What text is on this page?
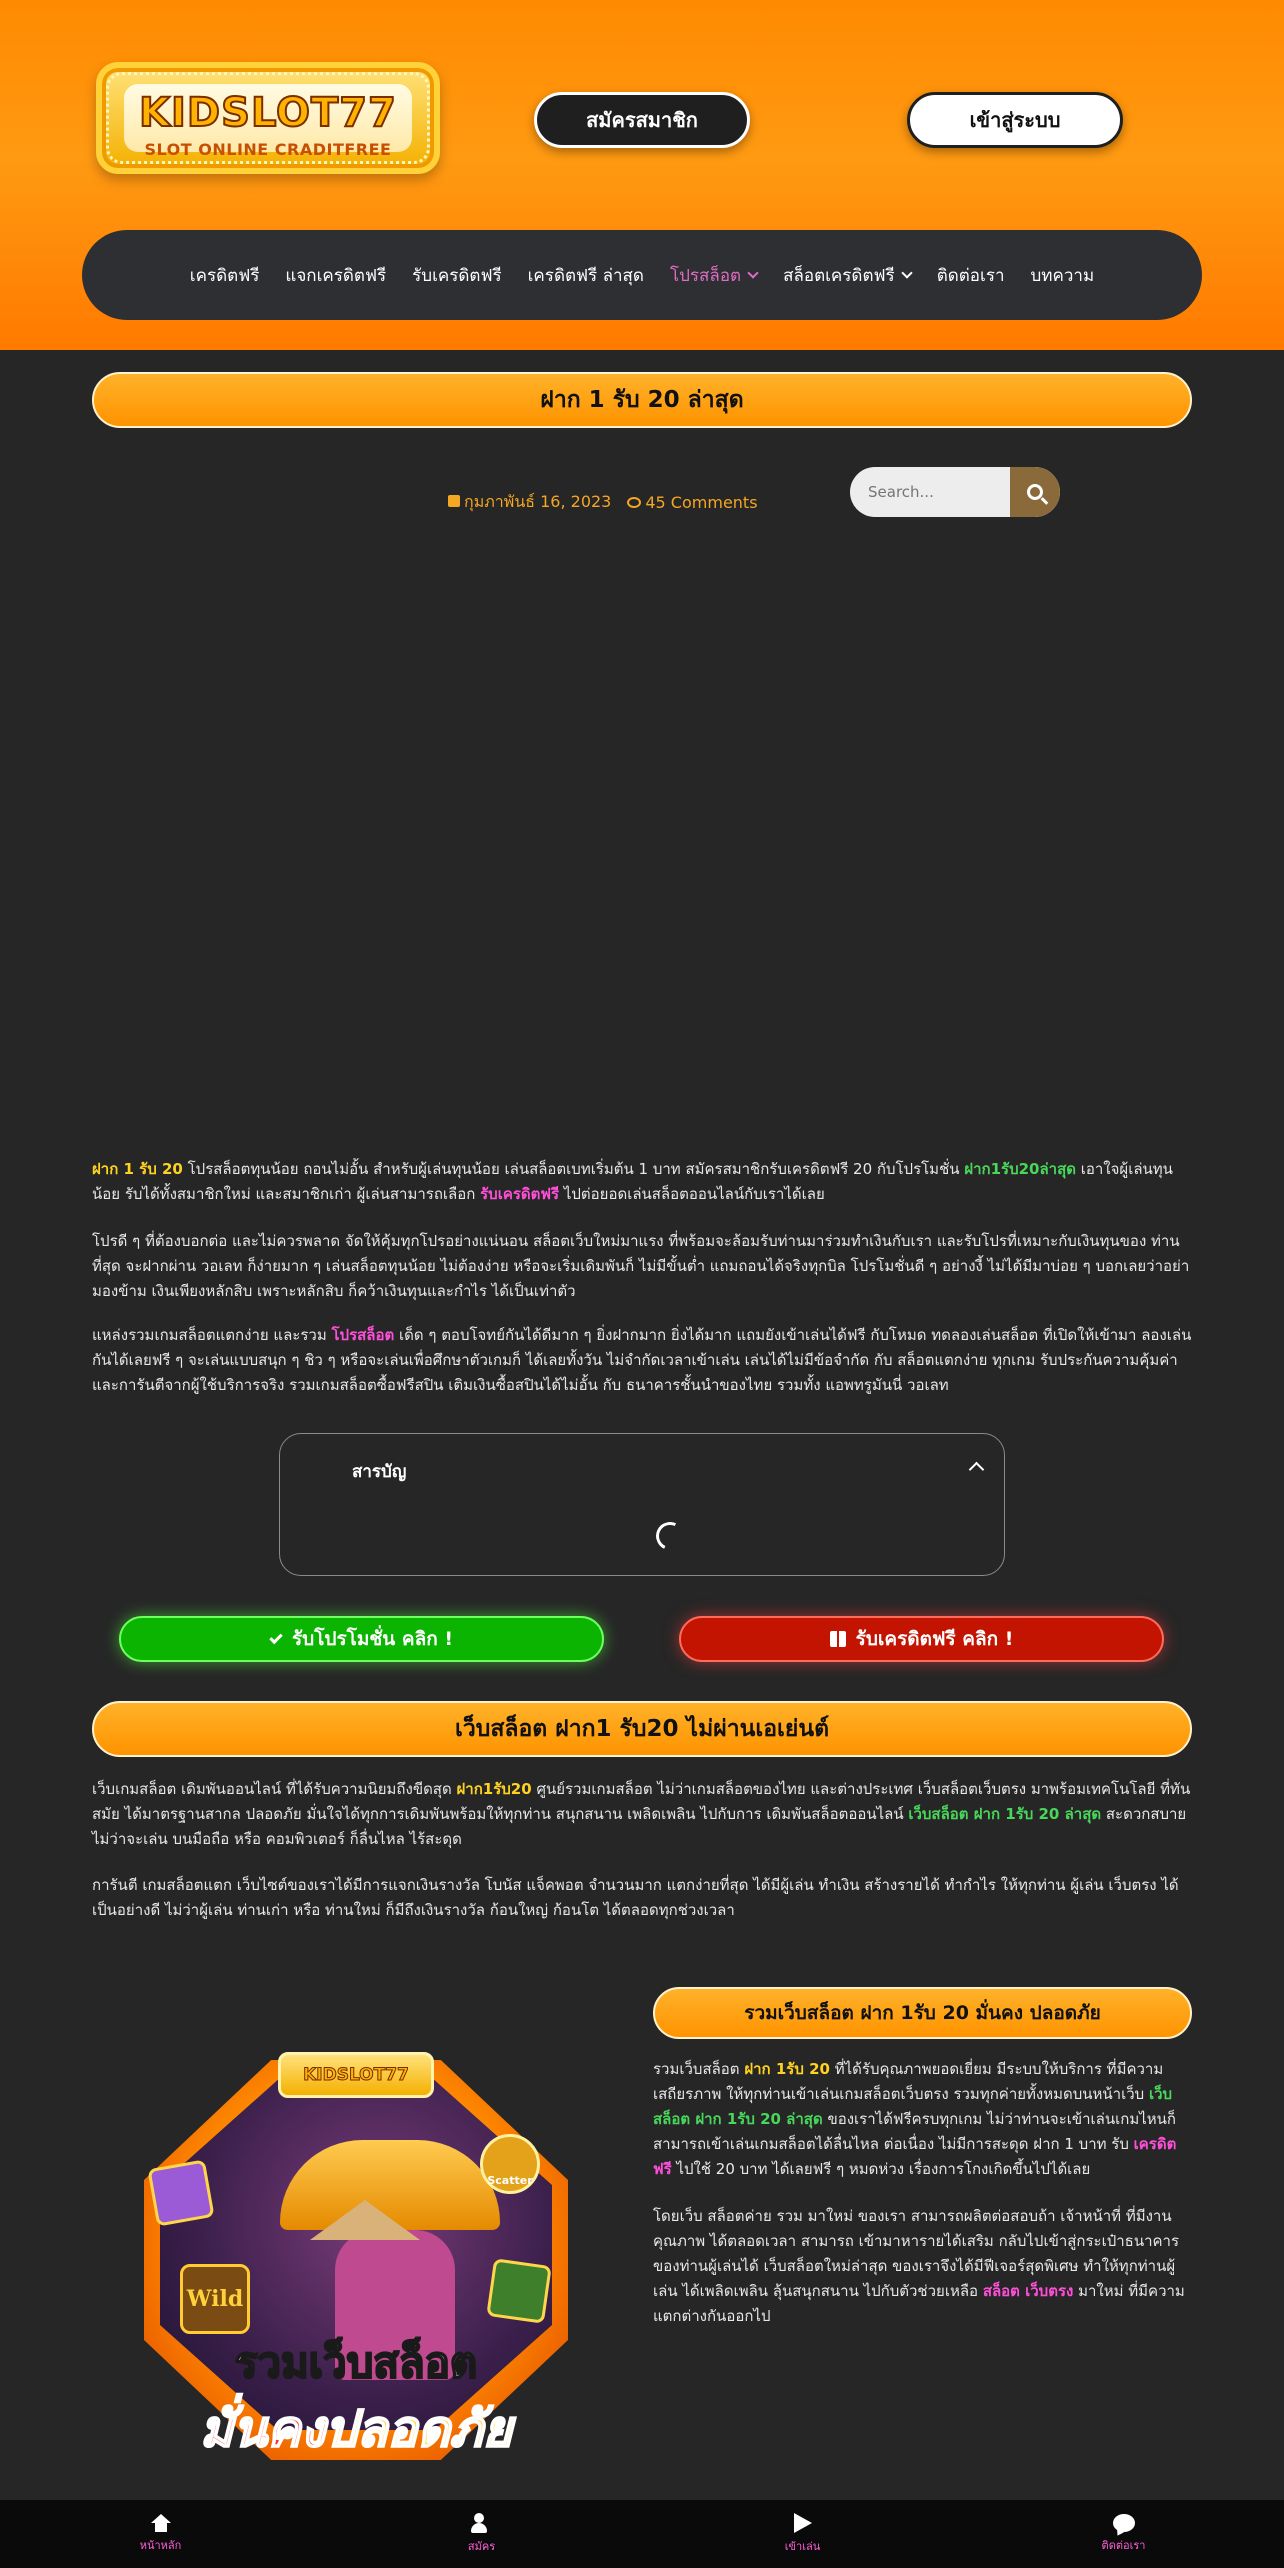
KIDSLOT77
SLOT ONLINE CRADITFREE
สมัครสมาชิก	เข้าสู่ระบบ
เครดิตฟรี แจกเครดิตฟรี รับเครดิตฟรี เครดิตฟรี ล่าสุด โปรสล็อต สล็อตเครดิตฟรี ติดต่อเรา บทความ
ฝาก 1 รับ 20 ล่าสุด
กุมภาพันธ์ 16, 2023	45 Comments
Search...

ฝาก 1 รับ 20 โปรสล็อตทุนน้อย ถอนไม่อั้น สำหรับผู้เล่นทุนน้อย เล่นสล็อตเบทเริ่มต้น 1 บาท สมัครสมาชิกรับเครดิตฟรี 20 กับโปรโมชั่น ฝาก1รับ20ล่าสุด เอาใจผู้เล่นทุนน้อย รับได้ทั้งสมาชิกใหม่ และสมาชิกเก่า ผู้เล่นสามารถเลือก รับเครดิตฟรี ไปต่อยอดเล่นสล็อตออนไลน์กับเราได้เลย

โปรดี ๆ ที่ต้องบอกต่อ และไม่ควรพลาด จัดให้คุ้มทุกโปรอย่างแน่นอน สล็อตเว็บใหม่มาแรง ที่พร้อมจะล้อมรับท่านมาร่วมทำเงินกับเรา และรับโปรที่เหมาะกับเงินทุนของ ท่านที่สุด จะฝากผ่าน วอเลท ก็ง่ายมาก ๆ เล่นสล็อตทุนน้อย ไม่ต้องง่าย หรือจะเริ่มเดิมพันก็ ไม่มีขั้นต่ำ แถมถอนได้จริงทุกบิล โปรโมชั่นดี ๆ อย่างงี้ ไม่ได้มีมาบ่อย ๆ บอกเลยว่าอย่ามองข้าม เงินเพียงหลักสิบ เพราะหลักสิบ ก็คว้าเงินทุนและกำไร ได้เป็นเท่าตัว

แหล่งรวมเกมสล็อตแตกง่าย และรวม โปรสล็อต เด็ด ๆ ตอบโจทย์กันได้ดีมาก ๆ ยิ่งฝากมาก ยิ่งได้มาก แถมยังเข้าเล่นได้ฟรี กับโหมด ทดลองเล่นสล็อต ที่เปิดให้เข้ามา ลองเล่นกันได้เลยฟรี ๆ จะเล่นแบบสนุก ๆ ชิว ๆ หรือจะเล่นเพื่อศึกษาตัวเกมก็ ได้เลยทั้งวัน ไม่จำกัดเวลาเข้าเล่น เล่นได้ไม่มีข้อจำกัด กับ สล็อตแตกง่าย ทุกเกม รับประกันความคุ้มค่า และการันตีจากผู้ใช้บริการจริง รวมเกมสล็อตซื้อฟรีสปิน เติมเงินซื้อสปินได้ไม่อั้น กับ ธนาคารชั้นนำของไทย รวมทั้ง แอพทรูมันนี่ วอเลท

สารบัญ
รับโปรโมชั่น คลิก !	รับเครดิตฟรี คลิก !
เว็บสล็อต ฝาก1 รับ20 ไม่ผ่านเอเย่นต์

เว็บเกมสล็อต เดิมพันออนไลน์ ที่ได้รับความนิยมถึงขีดสุด ฝาก1รับ20 ศูนย์รวมเกมสล็อต ไม่ว่าเกมสล็อตของไทย และต่างประเทศ เว็บสล็อตเว็บตรง มาพร้อมเทคโนโลยี ที่ทันสมัย ได้มาตรฐานสากล ปลอดภัย มั่นใจได้ทุกการเดิมพันพร้อมให้ทุกท่าน สนุกสนาน เพลิดเพลิน ไปกับการ เดิมพันสล็อตออนไลน์ เว็บสล็อต ฝาก 1รับ 20 ล่าสุด สะดวกสบาย ไม่ว่าจะเล่น บนมือถือ หรือ คอมพิวเตอร์ ก็ลื่นไหล ไร้สะดุด

การันตี เกมสล็อตแตก เว็บไซต์ของเราได้มีการแจกเงินรางวัล โบนัส แจ็คพอต จำนวนมาก แตกง่ายที่สุด ได้มีผู้เล่น ทำเงิน สร้างรายได้ ทำกำไร ให้ทุกท่าน ผู้เล่น เว็บตรง ได้เป็นอย่างดี ไม่ว่าผู้เล่น ท่านเก่า หรือ ท่านใหม่ ก็มีถึงเงินรางวัล ก้อนใหญ่ ก้อนโต ได้ตลอดทุกช่วงเวลา

รวมเว็บสล็อต ฝาก 1รับ 20 มั่นคง ปลอดภัย

รวมเว็บสล็อต ฝาก 1รับ 20 ที่ได้รับคุณภาพยอดเยี่ยม มีระบบให้บริการ ที่มีความเสถียรภาพ ให้ทุกท่านเข้าเล่นเกมสล็อตเว็บตรง รวมทุกค่ายทั้งหมดบนหน้าเว็บ เว็บสล็อต ฝาก 1รับ 20 ล่าสุด ของเราได้ฟรีครบทุกเกม ไม่ว่าท่านจะเข้าเล่นเกมไหนก็สามารถเข้าเล่นเกมสล็อตได้ลื่นไหล ต่อเนื่อง ไม่มีการสะดุด ฝาก 1 บาท รับ เครดิตฟรี ไปใช้ 20 บาท ได้เลยฟรี ๆ หมดห่วง เรื่องการโกงเกิดขึ้นไปได้เลย

โดยเว็บ สล็อตค่าย รวม มาใหม่ ของเรา สามารถผลิตต่อสอบถ้า เจ้าหน้าที่ ที่มีงานคุณภาพ ได้ตลอดเวลา สามารถ เข้ามาหารายได้เสริม กลับไปเข้าสู่กระเป๋าธนาคาร ของท่านผู้เล่นได้ เว็บสล็อตใหม่ล่าสุด ของเราจึงได้มีฟีเจอร์สุดพิเศษ ทำให้ทุกท่านผู้เล่น ได้เพลิดเพลิน ลุ้นสนุกสนาน ไปกับตัวช่วยเหลือ สล็อต เว็บตรง มาใหม่ ที่มีความแตกต่างกันออกไป

KIDSLOT77
Wild
Scatter
รวมเว็บสล็อต
มั่นคงปลอดภัย
หน้าหลัก	สมัคร	เข้าเล่น	ติดต่อเรา
